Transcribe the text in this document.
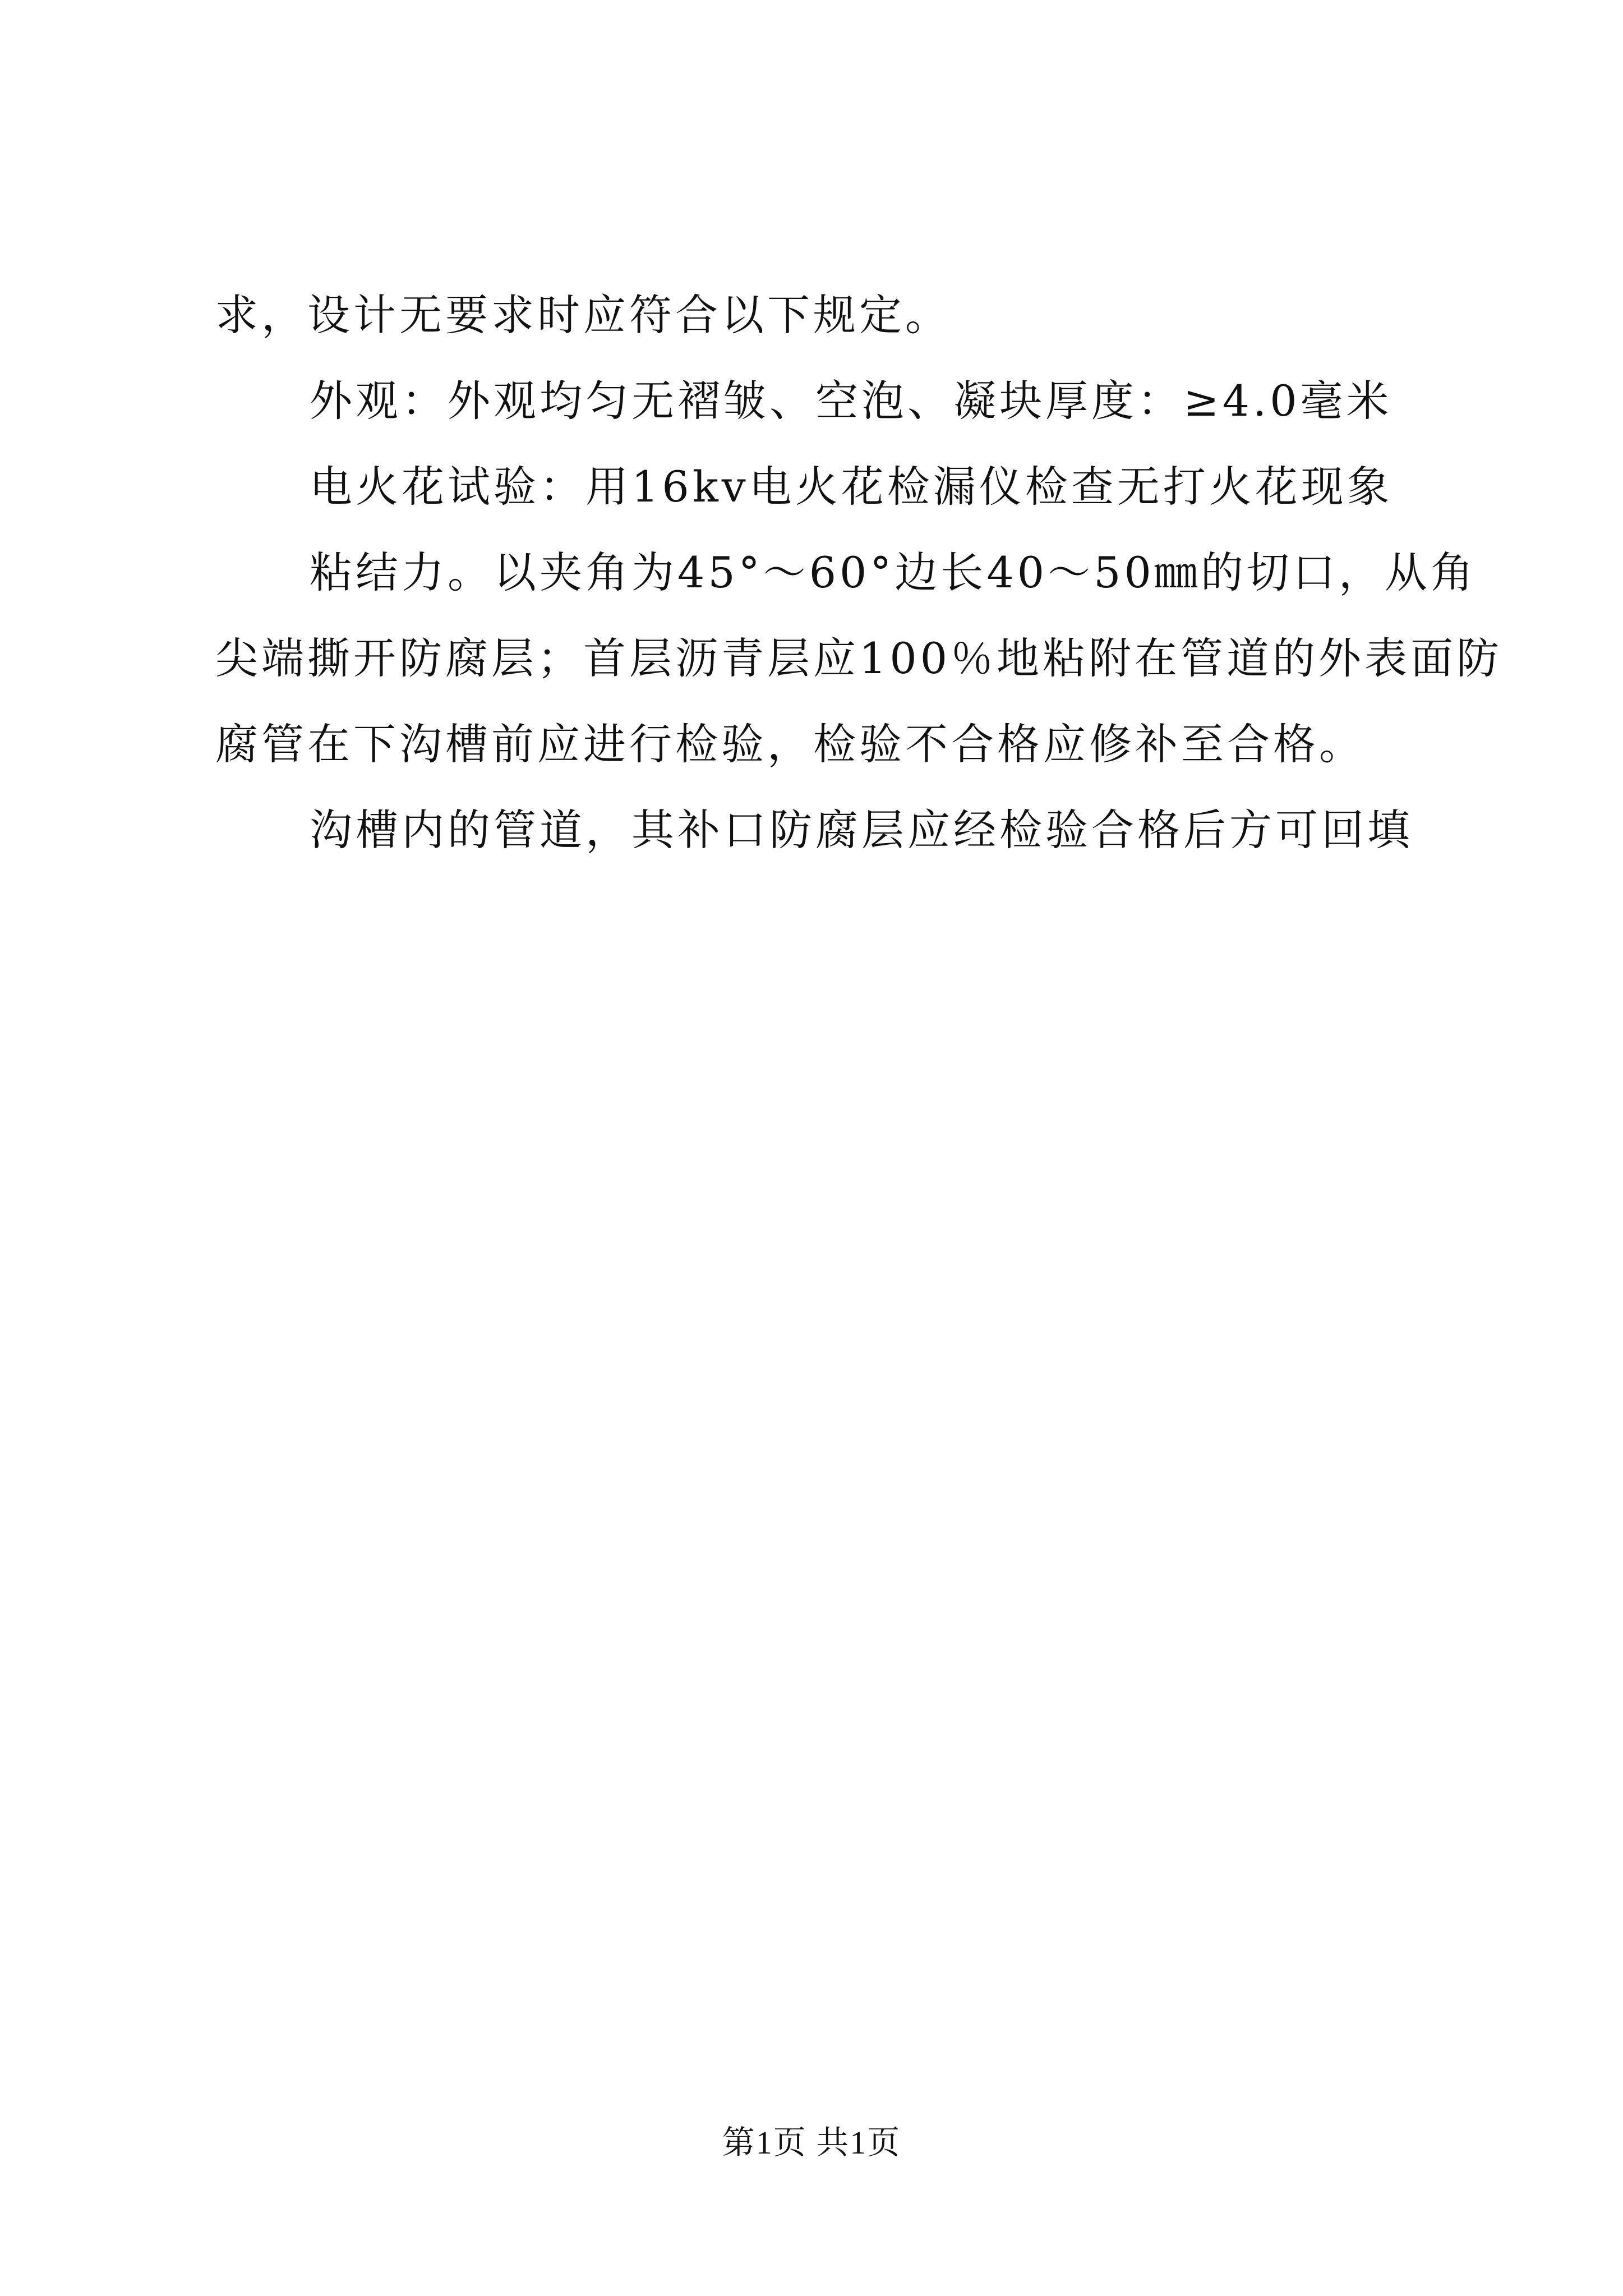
求，设计无要求时应符合以下规定。
外观：外观均匀无褶皱、空泡、凝块厚度：≥4.0毫米
电火花试验：用16kv电火花检漏仪检查无打火花现象
粘结力。以夹角为45°～60°边长40～50㎜的切口，从角
尖端撕开防腐层；首层沥青层应100％地粘附在管道的外表面防
腐管在下沟槽前应进行检验，检验不合格应修补至合格。
沟槽内的管道，其补口防腐层应经检验合格后方可回填
第1页 共1页
